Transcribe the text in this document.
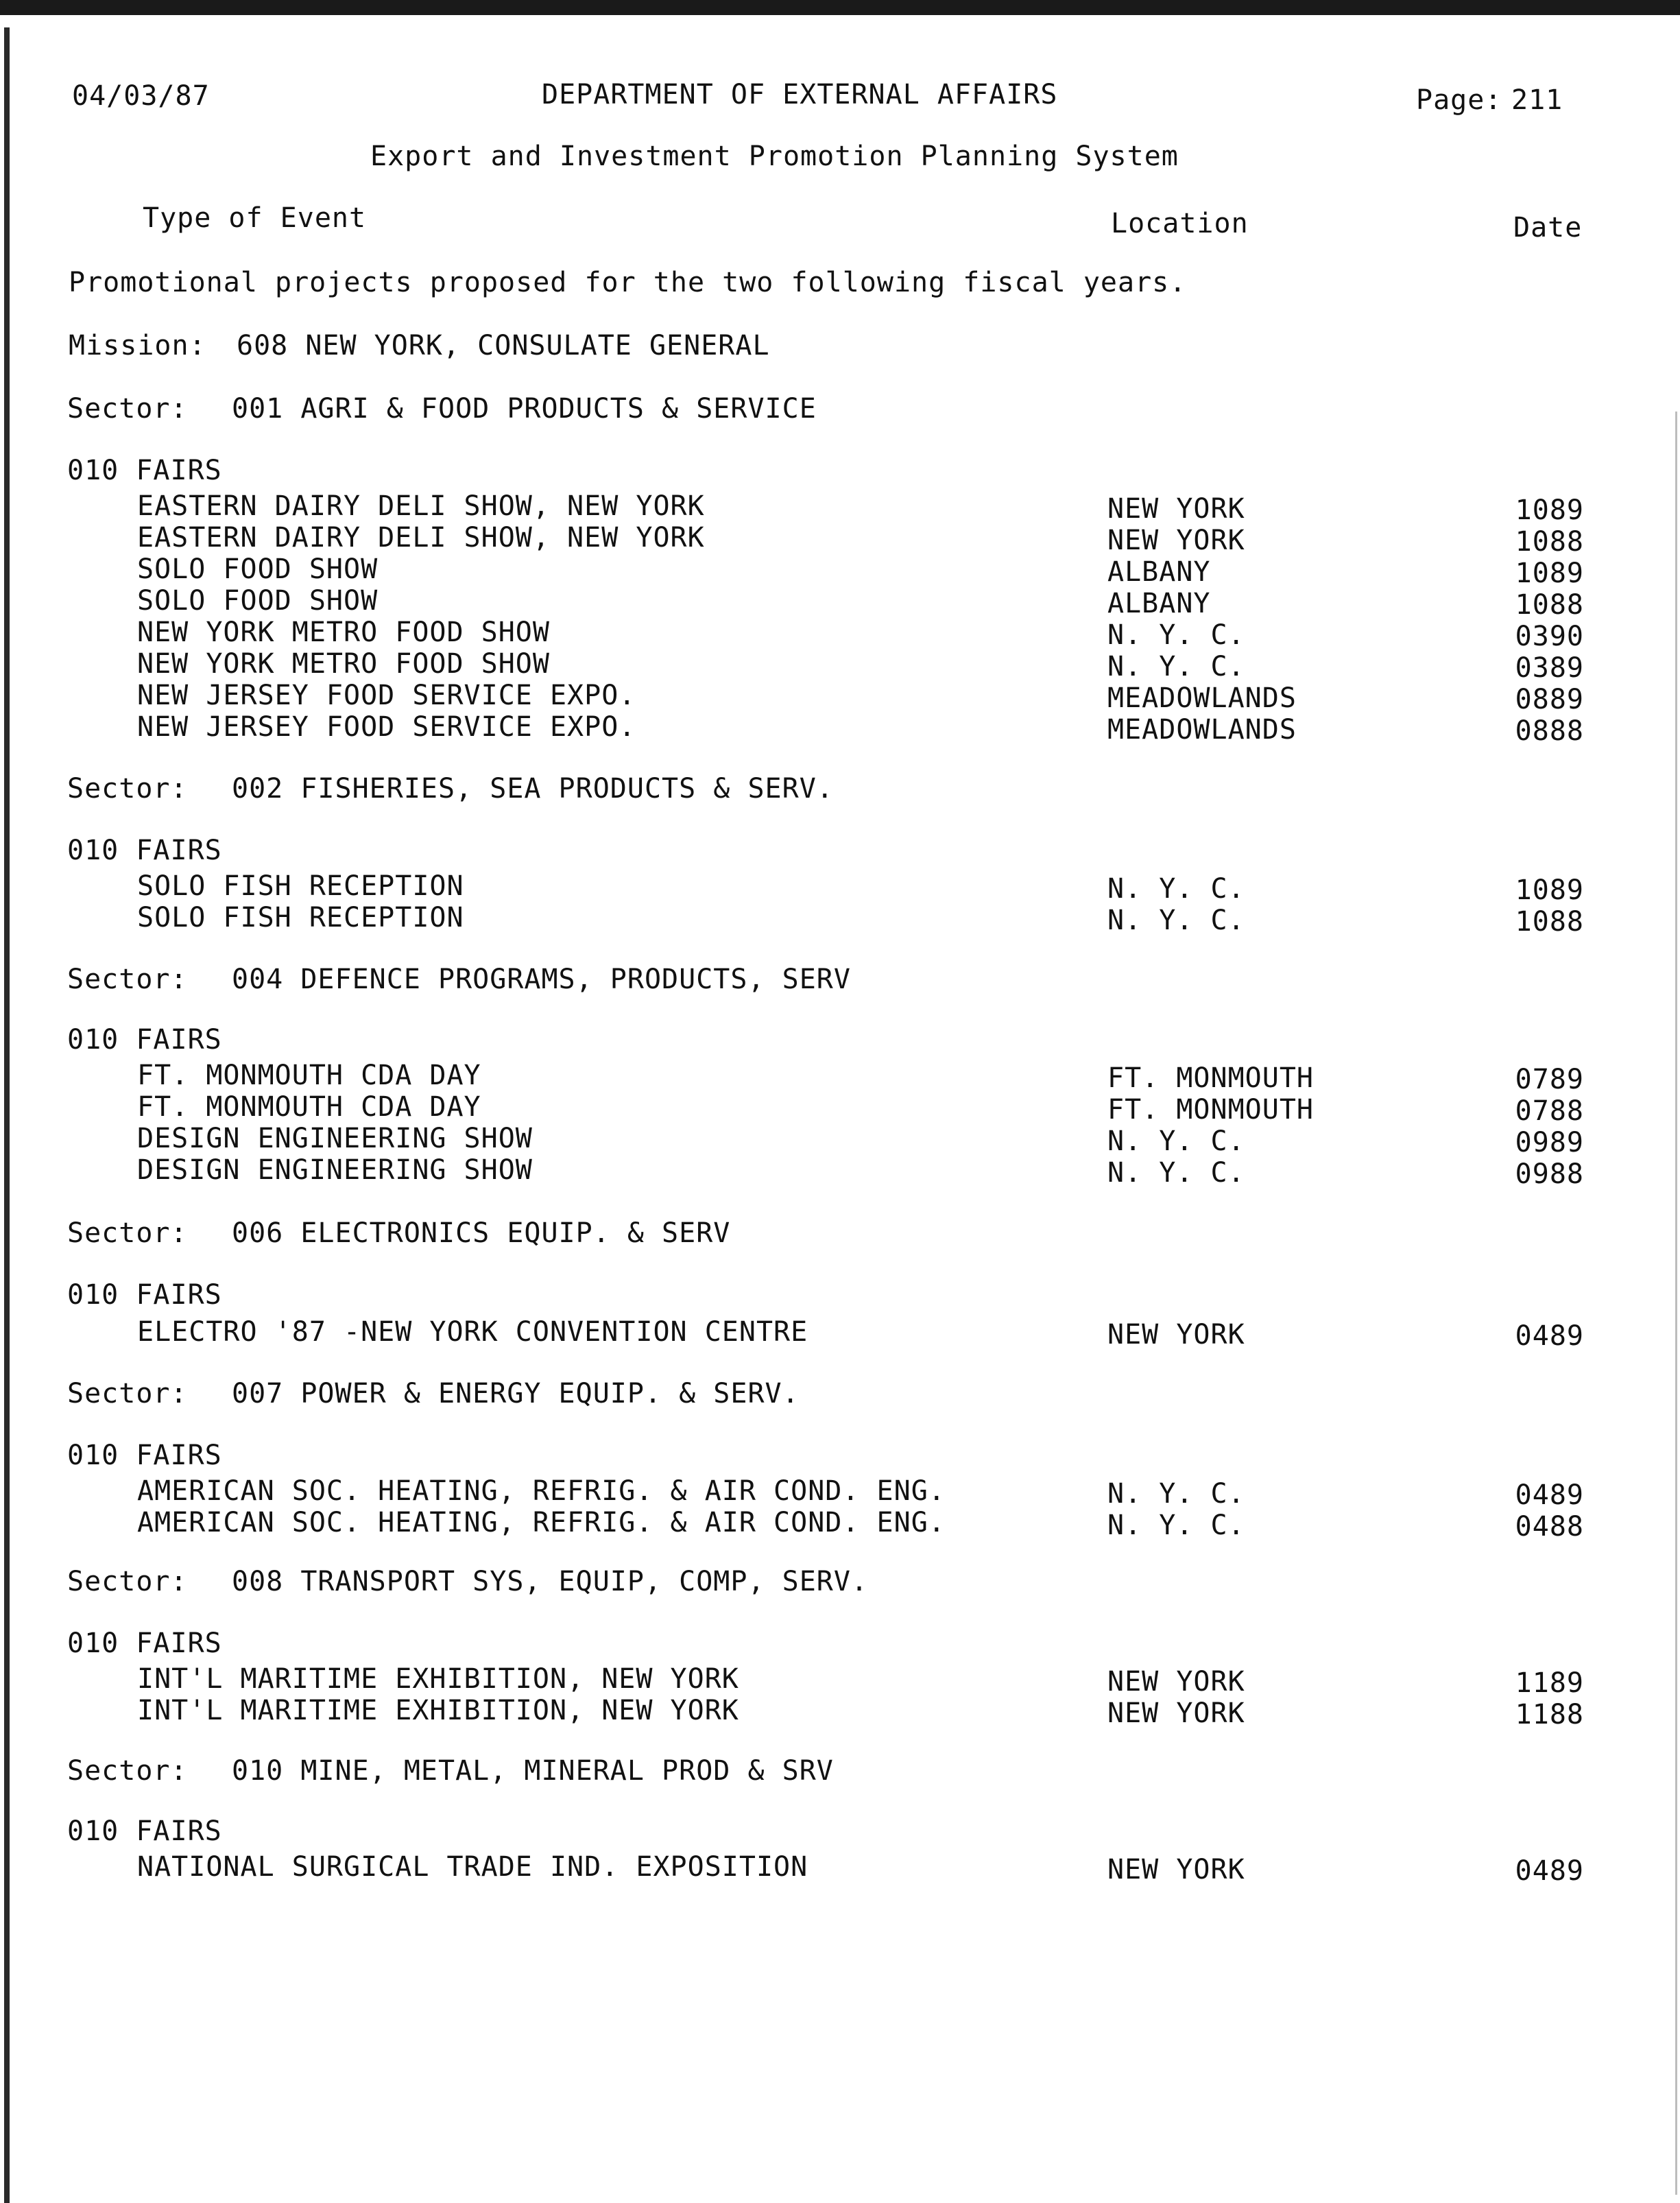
04/03/87	DEPARTMENT OF EXTERNAL AFFAIRS	Page: 211
Export and Investment Promotion Planning System
Type of Event	Location	Date
Promotional projects proposed for the two following fiscal years.
Mission: 608 NEW YORK, CONSULATE GENERAL
Sector: 001 AGRI & FOOD PRODUCTS & SERVICE
010 FAIRS
EASTERN DAIRY DELI SHOW, NEW YORK	NEW YORK	1089
EASTERN DAIRY DELI SHOW, NEW YORK	NEW YORK	1088
SOLO FOOD SHOW	ALBANY	1089
SOLO FOOD SHOW	ALBANY	1088
NEW YORK METRO FOOD SHOW	N. Y. C.	0390
NEW YORK METRO FOOD SHOW	N. Y. C.	0389
NEW JERSEY FOOD SERVICE EXPO.	MEADOWLANDS	0889
NEW JERSEY FOOD SERVICE EXPO.	MEADOWLANDS	0888
Sector: 002 FISHERIES, SEA PRODUCTS & SERV.
010 FAIRS
SOLO FISH RECEPTION	N. Y. C.	1089
SOLO FISH RECEPTION	N. Y. C.	1088
Sector: 004 DEFENCE PROGRAMS, PRODUCTS, SERV
010 FAIRS
FT. MONMOUTH CDA DAY	FT. MONMOUTH	0789
FT. MONMOUTH CDA DAY	FT. MONMOUTH	0788
DESIGN ENGINEERING SHOW	N. Y. C.	0989
DESIGN ENGINEERING SHOW	N. Y. C.	0988
Sector: 006 ELECTRONICS EQUIP. & SERV
010 FAIRS
ELECTRO '87 -NEW YORK CONVENTION CENTRE	NEW YORK	0489
Sector: 007 POWER & ENERGY EQUIP. & SERV.
010 FAIRS
AMERICAN SOC. HEATING, REFRIG. & AIR COND. ENG.	N. Y. C.	0489
AMERICAN SOC. HEATING, REFRIG. & AIR COND. ENG.	N. Y. C.	0488
Sector: 008 TRANSPORT SYS, EQUIP, COMP, SERV.
010 FAIRS
INT'L MARITIME EXHIBITION, NEW YORK	NEW YORK	1189
INT'L MARITIME EXHIBITION, NEW YORK	NEW YORK	1188
Sector: 010 MINE, METAL, MINERAL PROD & SRV
010 FAIRS
NATIONAL SURGICAL TRADE IND. EXPOSITION	NEW YORK	0489
